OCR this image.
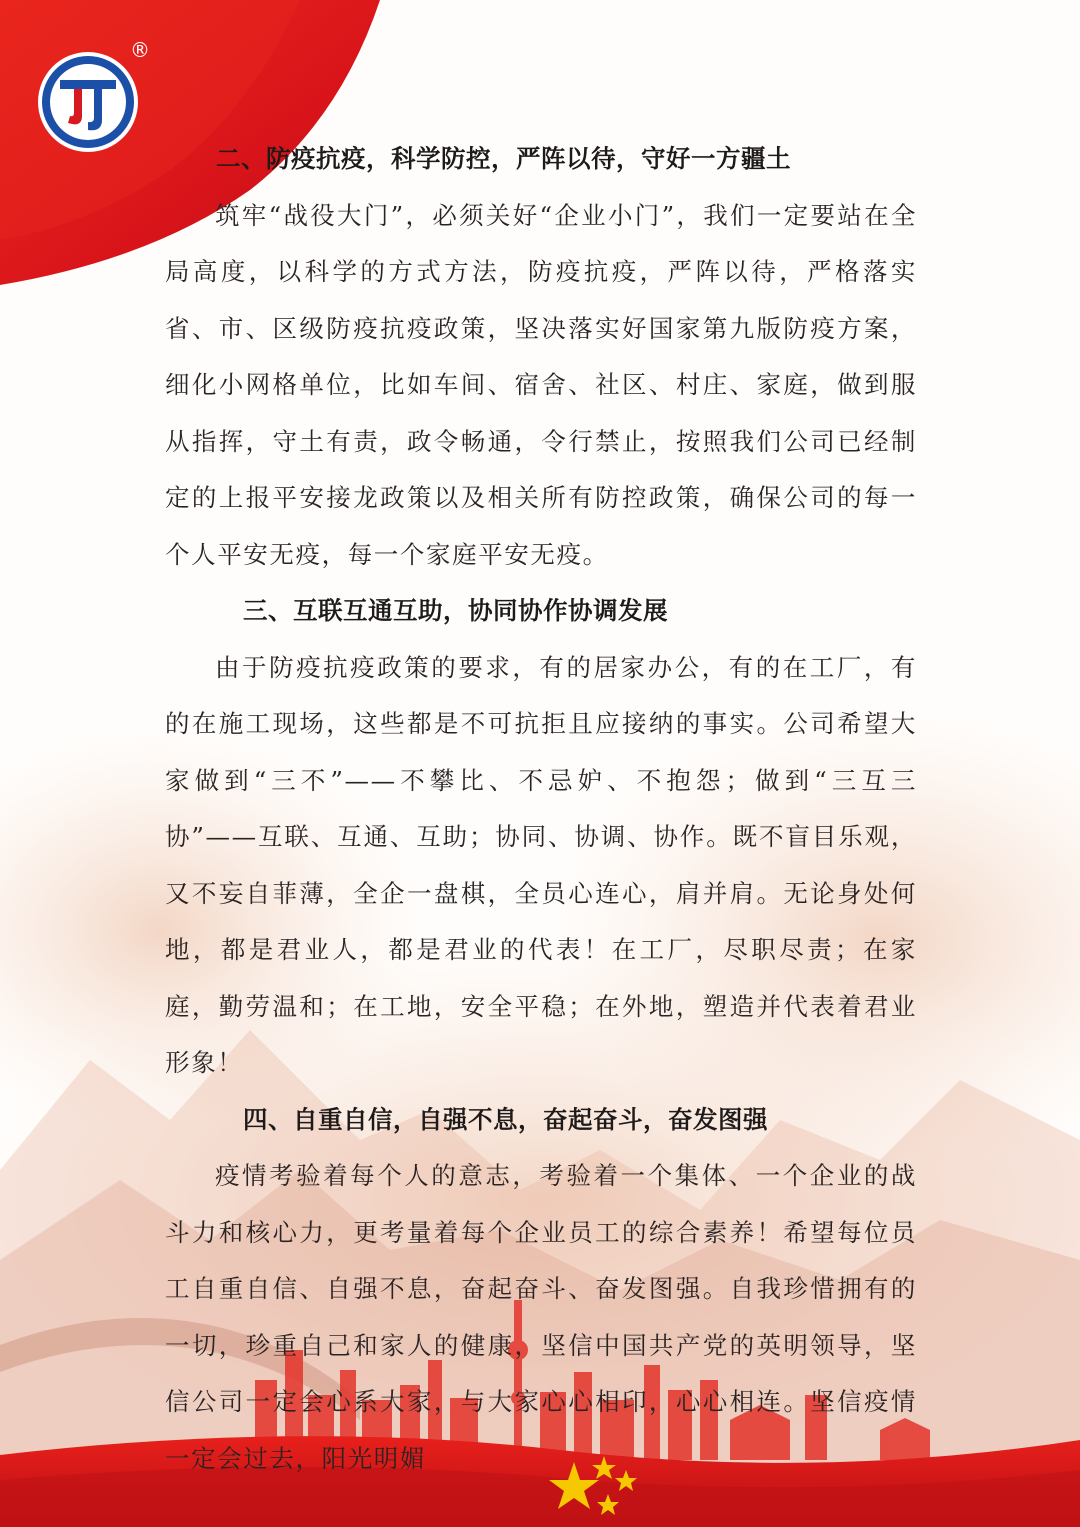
®

二、防疫抗疫，科学防控，严阵以待，守好一方疆土

筑牢“战役大门”，必须关好“企业小门”，我们一定要站在全局高度，以科学的方式方法，防疫抗疫，严阵以待，严格落实省、市、区级防疫抗疫政策，坚决落实好国家第九版防疫方案，细化小网格单位，比如车间、宿舍、社区、村庄、家庭，做到服从指挥，守土有责，政令畅通，令行禁止，按照我们公司已经制定的上报平安接龙政策以及相关所有防控政策，确保公司的每一个人平安无疫，每一个家庭平安无疫。

三、互联互通互助，协同协作协调发展

由于防疫抗疫政策的要求，有的居家办公，有的在工厂，有的在施工现场，这些都是不可抗拒且应接纳的事实。公司希望大家做到“三不”——不攀比、不忌妒、不抱怨；做到“三互三协”——互联、互通、互助；协同、协调、协作。既不盲目乐观，又不妄自菲薄，全企一盘棋，全员心连心，肩并肩。无论身处何地，都是君业人，都是君业的代表！在工厂，尽职尽责；在家庭，勤劳温和；在工地，安全平稳；在外地，塑造并代表着君业形象！

四、自重自信，自强不息，奋起奋斗，奋发图强

疫情考验着每个人的意志，考验着一个集体、一个企业的战斗力和核心力，更考量着每个企业员工的综合素养！希望每位员工自重自信、自强不息，奋起奋斗、奋发图强。自我珍惜拥有的一切，珍重自己和家人的健康，坚信中国共产党的英明领导，坚信公司一定会心系大家，与大家心心相印，心心相连。坚信疫情一定会过去，阳光明媚
